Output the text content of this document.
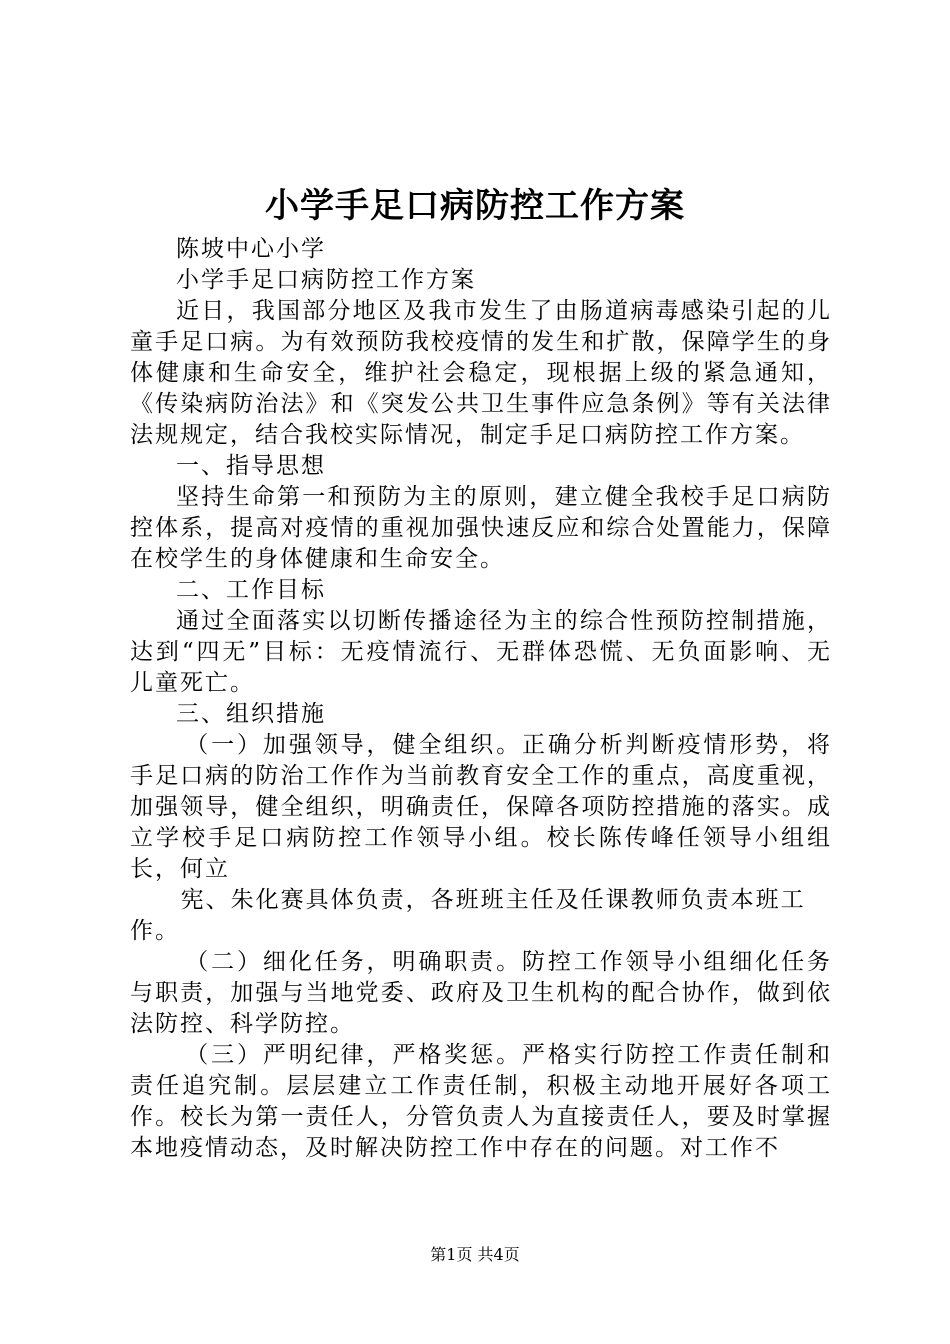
小学手足口病防控工作方案

陈坡中心小学

小学手足口病防控工作方案

近日，我国部分地区及我市发生了由肠道病毒感染引起的儿童手足口病。为有效预防我校疫情的发生和扩散，保障学生的身体健康和生命安全，维护社会稳定，现根据上级的紧急通知，《传染病防治法》和《突发公共卫生事件应急条例》等有关法律法规规定，结合我校实际情况，制定手足口病防控工作方案。

一、指导思想

坚持生命第一和预防为主的原则，建立健全我校手足口病防控体系，提高对疫情的重视加强快速反应和综合处置能力，保障在校学生的身体健康和生命安全。

二、工作目标

通过全面落实以切断传播途径为主的综合性预防控制措施，达到“四无”目标：无疫情流行、无群体恐慌、无负面影响、无儿童死亡。

三、组织措施

（一）加强领导，健全组织。正确分析判断疫情形势，将手足口病的防治工作作为当前教育安全工作的重点，高度重视，加强领导，健全组织，明确责任，保障各项防控措施的落实。成立学校手足口病防控工作领导小组。校长陈传峰任领导小组组长，何立

宪、朱化赛具体负责，各班班主任及任课教师负责本班工

作。

（二）细化任务，明确职责。防控工作领导小组细化任务与职责，加强与当地党委、政府及卫生机构的配合协作，做到依法防控、科学防控。

（三）严明纪律，严格奖惩。严格实行防控工作责任制和责任追究制。层层建立工作责任制，积极主动地开展好各项工作。校长为第一责任人，分管负责人为直接责任人，要及时掌握本地疫情动态，及时解决防控工作中存在的问题。对工作不

第1页 共4页
